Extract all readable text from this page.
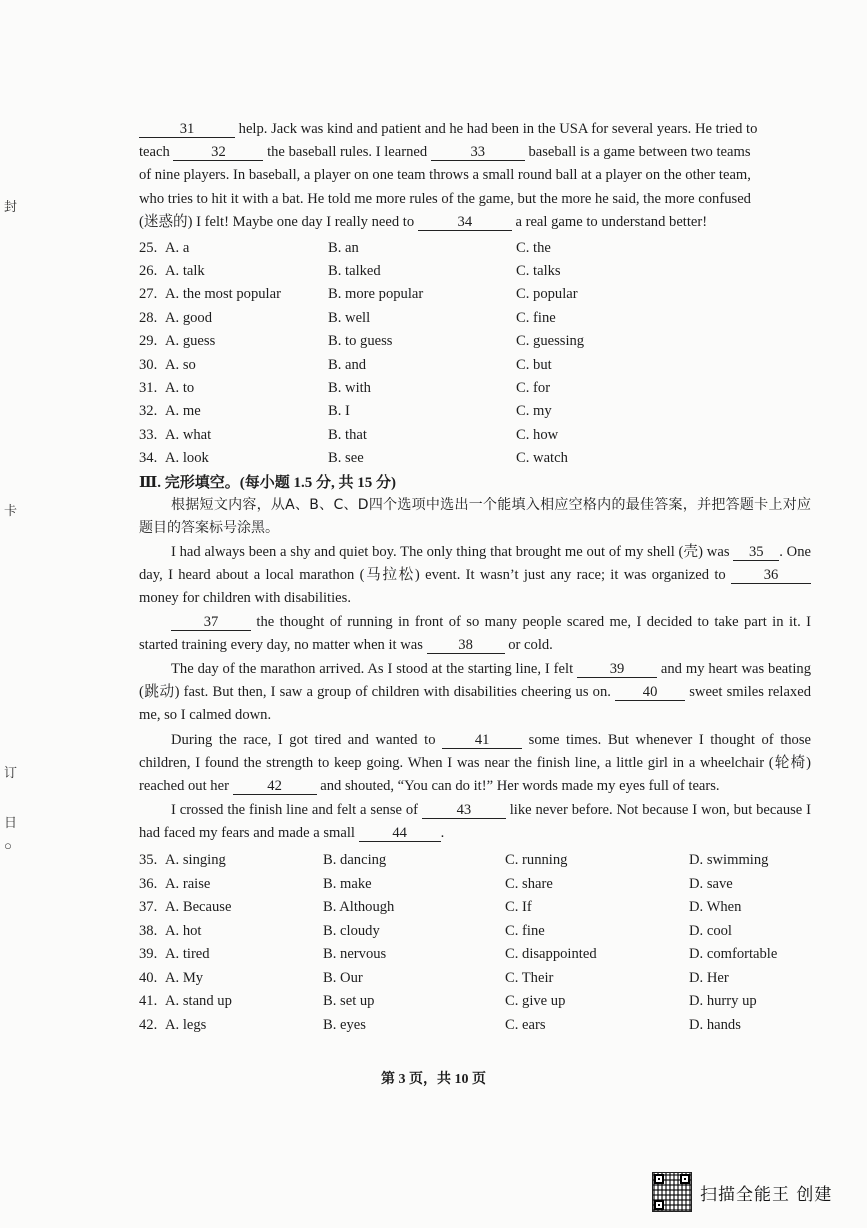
封
卡
订
日
○
31	help. Jack was kind and patient and he had been in the USA for several years. He tried to
teach	32	the baseball rules. I learned	33	baseball is a game between two teams
of nine players. In baseball, a player on one team throws a small round ball at a player on the other team,
who tries to hit it with a bat. He told me more rules of the game, but the more he said, the more confused
(迷惑的) I felt! Maybe one day I really need to	34	a real game to understand better!
25. A. a	B. an	C. the
26. A. talk	B. talked	C. talks
27. A. the most popular	B. more popular	C. popular
28. A. good	B. well	C. fine
29. A. guess	B. to guess	C. guessing
30. A. so	B. and	C. but
31. A. to	B. with	C. for
32. A. me	B. I	C. my
33. A. what	B. that	C. how
34. A. look	B. see	C. watch
Ⅲ. 完形填空。(每小题 1.5 分, 共 15 分)
根据短文内容，从A、B、C、D四个选项中选出一个能填入相应空格内的最佳答案，并把答题卡上对应题目的答案标号涂黑。
I had always been a shy and quiet boy. The only thing that brought me out of my shell (壳) was 35 . One day, I heard about a local marathon (马拉松) event. It wasn’t just any race; it was organized to 36 money for children with disabilities.
37 the thought of running in front of so many people scared me, I decided to take part in it. I started training every day, no matter when it was 38 or cold.
The day of the marathon arrived. As I stood at the starting line, I felt 39 and my heart was beating (跳动) fast. But then, I saw a group of children with disabilities cheering us on. 40 sweet smiles relaxed me, so I calmed down.
During the race, I got tired and wanted to 41 some times. But whenever I thought of those children, I found the strength to keep going. When I was near the finish line, a little girl in a wheelchair (轮椅) reached out her 42 and shouted, “You can do it!” Her words made my eyes full of tears.
I crossed the finish line and felt a sense of 43 like never before. Not because I won, but because I had faced my fears and made a small 44 .
35. A. singing	B. dancing	C. running	D. swimming
36. A. raise	B. make	C. share	D. save
37. A. Because	B. Although	C. If	D. When
38. A. hot	B. cloudy	C. fine	D. cool
39. A. tired	B. nervous	C. disappointed	D. comfortable
40. A. My	B. Our	C. Their	D. Her
41. A. stand up	B. set up	C. give up	D. hurry up
42. A. legs	B. eyes	C. ears	D. hands
第 3 页，共 10 页
扫描全能王 创建
